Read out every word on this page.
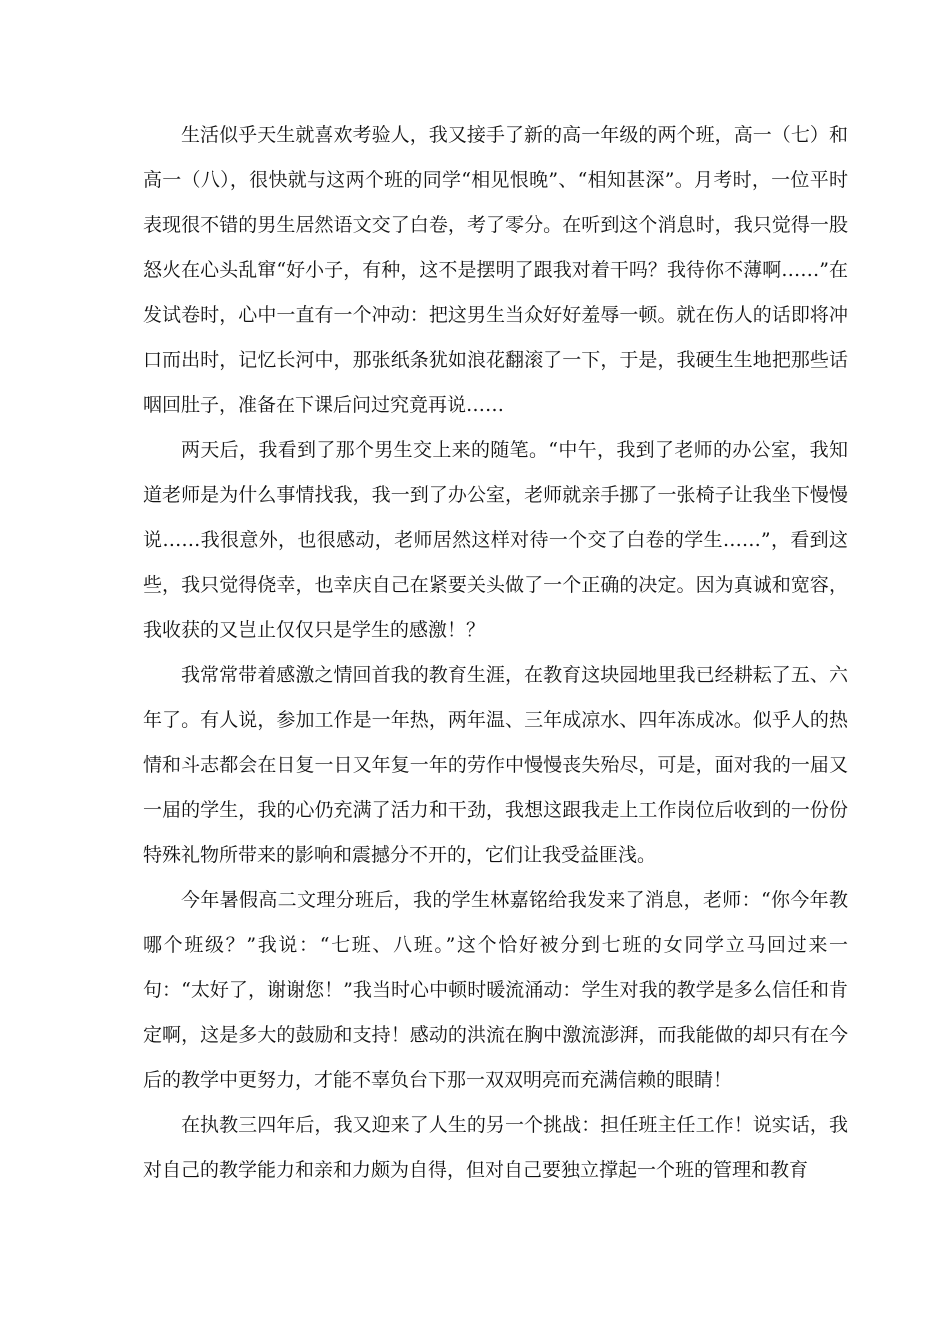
生活似乎天生就喜欢考验人，我又接手了新的高一年级的两个班，高一（七）和高一（八），很快就与这两个班的同学“相见恨晚”、“相知甚深”。月考时，一位平时表现很不错的男生居然语文交了白卷，考了零分。在听到这个消息时，我只觉得一股怒火在心头乱窜“好小子，有种，这不是摆明了跟我对着干吗？我待你不薄啊……”在发试卷时，心中一直有一个冲动：把这男生当众好好羞辱一顿。就在伤人的话即将冲口而出时，记忆长河中，那张纸条犹如浪花翻滚了一下，于是，我硬生生地把那些话咽回肚子，准备在下课后问过究竟再说……

两天后，我看到了那个男生交上来的随笔。“中午，我到了老师的办公室，我知道老师是为什么事情找我，我一到了办公室，老师就亲手挪了一张椅子让我坐下慢慢说……我很意外，也很感动，老师居然这样对待一个交了白卷的学生……”，看到这些，我只觉得侥幸，也幸庆自己在紧要关头做了一个正确的决定。因为真诚和宽容，我收获的又岂止仅仅只是学生的感激！？

我常常带着感激之情回首我的教育生涯，在教育这块园地里我已经耕耘了五、六年了。有人说，参加工作是一年热，两年温、三年成凉水、四年冻成冰。似乎人的热情和斗志都会在日复一日又年复一年的劳作中慢慢丧失殆尽，可是，面对我的一届又一届的学生，我的心仍充满了活力和干劲，我想这跟我走上工作岗位后收到的一份份特殊礼物所带来的影响和震撼分不开的，它们让我受益匪浅。

今年暑假高二文理分班后，我的学生林嘉铭给我发来了消息，老师：“你今年教哪个班级？”我说：“七班、八班。”这个恰好被分到七班的女同学立马回过来一句：“太好了，谢谢您！”我当时心中顿时暖流涌动：学生对我的教学是多么信任和肯定啊，这是多大的鼓励和支持！感动的洪流在胸中激流澎湃，而我能做的却只有在今后的教学中更努力，才能不辜负台下那一双双明亮而充满信赖的眼睛！

在执教三四年后，我又迎来了人生的另一个挑战：担任班主任工作！说实话，我对自己的教学能力和亲和力颇为自得，但对自己要独立撑起一个班的管理和教育
